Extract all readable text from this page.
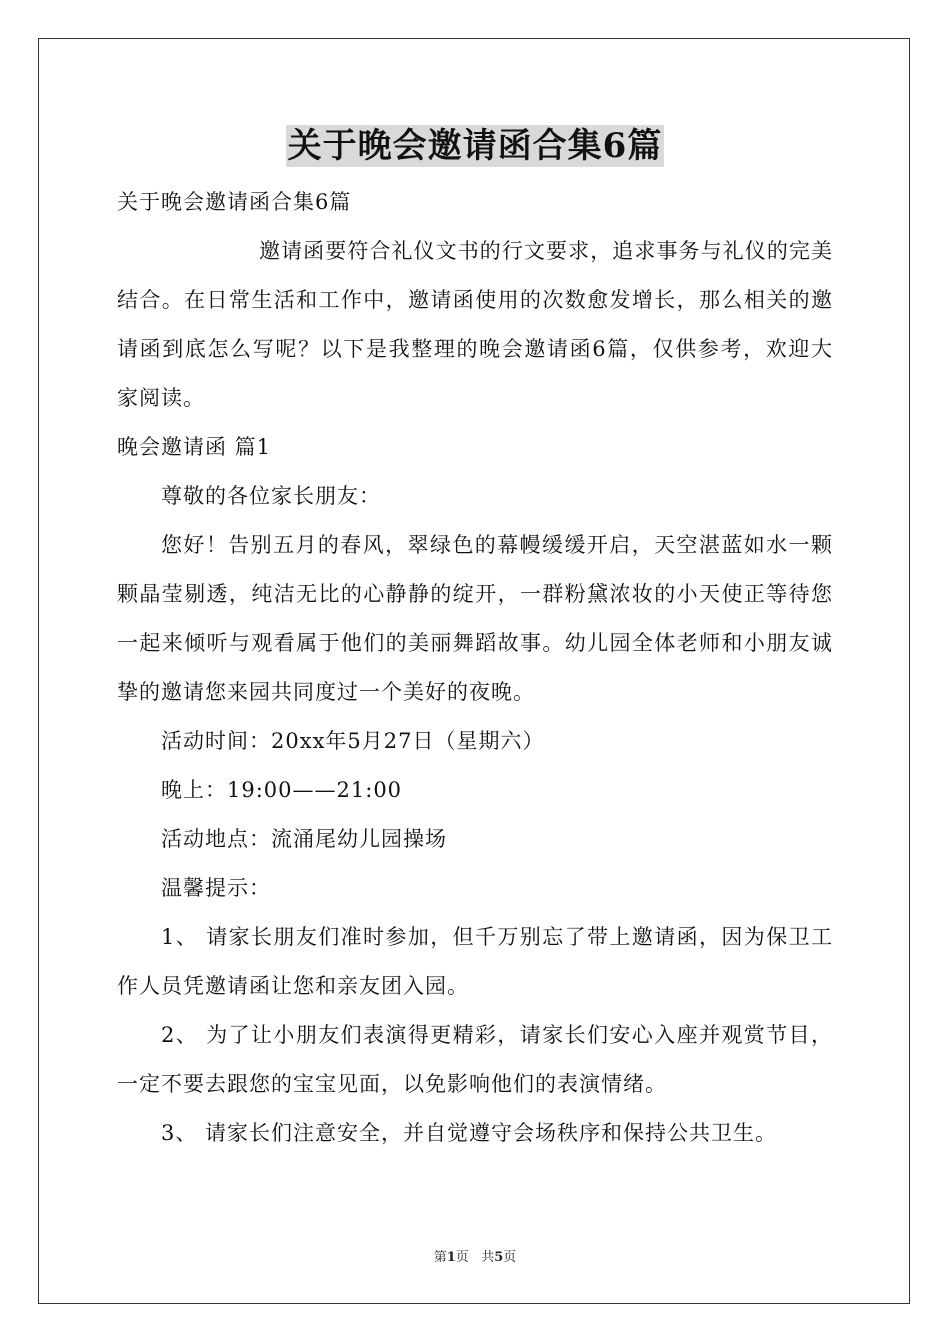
关于晚会邀请函合集6篇

关于晚会邀请函合集6篇

邀请函要符合礼仪文书的行文要求，追求事务与礼仪的完美结合。在日常生活和工作中，邀请函使用的次数愈发增长，那么相关的邀请函到底怎么写呢？以下是我整理的晚会邀请函6篇，仅供参考，欢迎大家阅读。

晚会邀请函 篇1

尊敬的各位家长朋友：

您好！告别五月的春风，翠绿色的幕幔缓缓开启，天空湛蓝如水一颗颗晶莹剔透，纯洁无比的心静静的绽开，一群粉黛浓妆的小天使正等待您一起来倾听与观看属于他们的美丽舞蹈故事。幼儿园全体老师和小朋友诚挚的邀请您来园共同度过一个美好的夜晚。

活动时间：20xx年5月27日（星期六）

晚上：19:00——21:00

活动地点：流涌尾幼儿园操场

温馨提示：

1、 请家长朋友们准时参加，但千万别忘了带上邀请函，因为保卫工作人员凭邀请函让您和亲友团入园。

2、 为了让小朋友们表演得更精彩，请家长们安心入座并观赏节目，一定不要去跟您的宝宝见面，以免影响他们的表演情绪。

3、 请家长们注意安全，并自觉遵守会场秩序和保持公共卫生。

第1页 共5页
